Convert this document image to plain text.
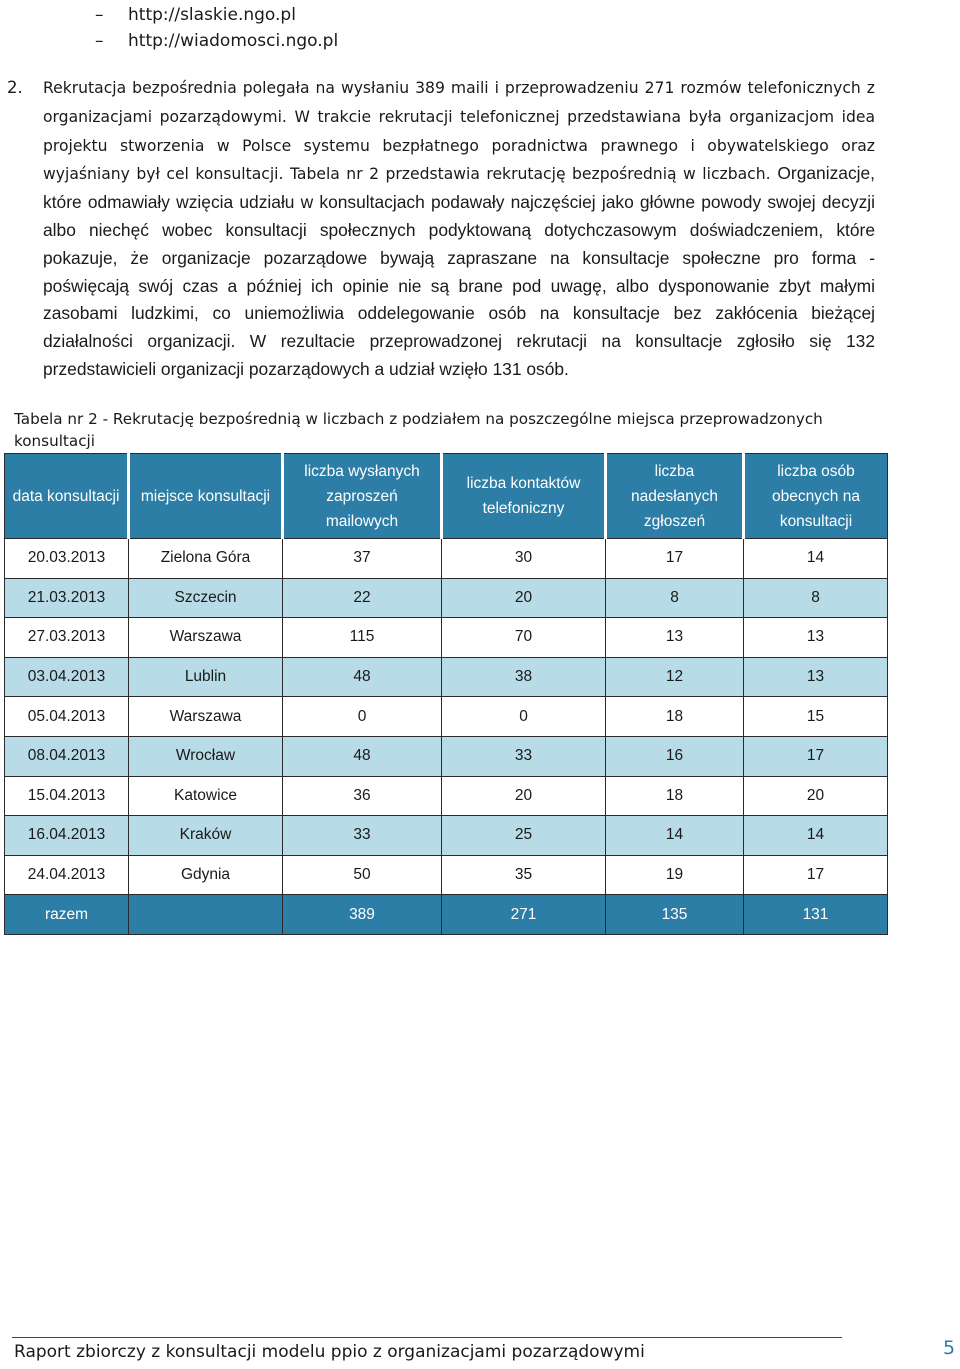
–	http://slaskie.ngo.pl
–	http://wiadomosci.ngo.pl

2. Rekrutacja bezpośrednia polegała na wysłaniu 389 maili i przeprowadzeniu 271 rozmów telefonicznych z organizacjami pozarządowymi. W trakcie rekrutacji telefonicznej przedstawiana była organizacjom idea projektu stworzenia w Polsce systemu bezpłatnego poradnictwa prawnego i obywatelskiego oraz wyjaśniany był cel konsultacji. Tabela nr 2 przedstawia rekrutację bezpośrednią w liczbach. Organizacje, które odmawiały wzięcia udziału w konsultacjach podawały najczęściej jako główne powody swojej decyzji albo niechęć wobec konsultacji społecznych podyktowaną dotychczasowym doświadczeniem, które pokazuje, że organizacje pozarządowe bywają zapraszane na konsultacje społeczne pro forma - poświęcają swój czas a później ich opinie nie są brane pod uwagę, albo dysponowanie zbyt małymi zasobami ludzkimi, co uniemożliwia oddelegowanie osób na konsultacje bez zakłócenia bieżącej działalności organizacji. W rezultacie przeprowadzonej rekrutacji na konsultacje zgłosiło się 132 przedstawicieli organizacji pozarządowych a udział wzięło 131 osób.

Tabela nr 2 - Rekrutację bezpośrednią w liczbach z podziałem na poszczególne miejsca przeprowadzonych konsultacji

data konsultacji	miejsce konsultacji	liczba wysłanych zaproszeń mailowych	liczba kontaktów telefoniczny	liczba nadesłanych zgłoszeń	liczba osób obecnych na konsultacji
20.03.2013	Zielona Góra	37	30	17	14
21.03.2013	Szczecin	22	20	8	8
27.03.2013	Warszawa	115	70	13	13
03.04.2013	Lublin	48	38	12	13
05.04.2013	Warszawa	0	0	18	15
08.04.2013	Wrocław	48	33	16	17
15.04.2013	Katowice	36	20	18	20
16.04.2013	Kraków	33	25	14	14
24.04.2013	Gdynia	50	35	19	17
razem		389	271	135	131
Raport zbiorczy z konsultacji modelu ppio z organizacjami pozarządowymi	5
